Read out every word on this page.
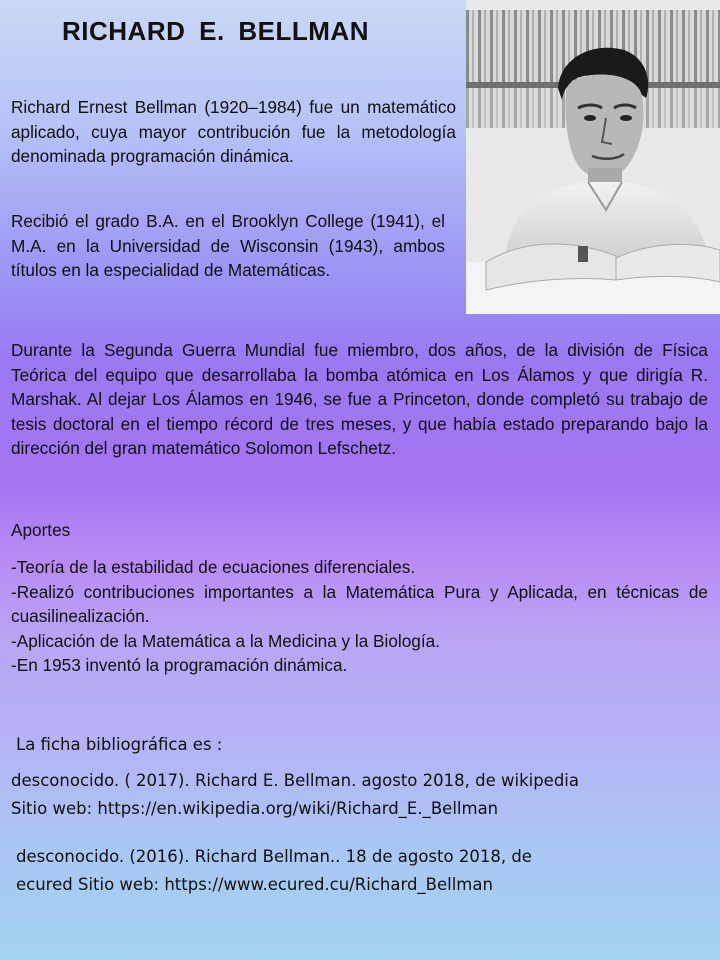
RICHARD E. BELLMAN
Richard Ernest Bellman (1920–1984) fue un matemático aplicado, cuya mayor contribución fue la metodología denominada programación dinámica.
Recibió el grado B.A. en el Brooklyn College (1941), el M.A. en la Universidad de Wisconsin (1943), ambos títulos en la especialidad de Matemáticas.
Durante la Segunda Guerra Mundial fue miembro, dos años, de la división de Física Teórica del equipo que desarrollaba la bomba atómica en Los Álamos y que dirigía R. Marshak. Al dejar Los Álamos en 1946, se fue a Princeton, donde completó su trabajo de tesis doctoral en el tiempo récord de tres meses, y que había estado preparando bajo la dirección del gran matemático Solomon Lefschetz.
Aportes
-Teoría de la estabilidad de ecuaciones diferenciales.
-Realizó contribuciones importantes a la Matemática Pura y Aplicada, en técnicas de cuasilinealización.
-Aplicación de la Matemática a la Medicina y la Biología.
-En 1953 inventó la programación dinámica.
La ficha bibliográfica es :
desconocido. ( 2017). Richard E. Bellman. agosto 2018, de wikipedia
Sitio web: https://en.wikipedia.org/wiki/Richard_E._Bellman
desconocido. (2016). Richard Bellman.. 18 de agosto 2018, de
ecured Sitio web: https://www.ecured.cu/Richard_Bellman
